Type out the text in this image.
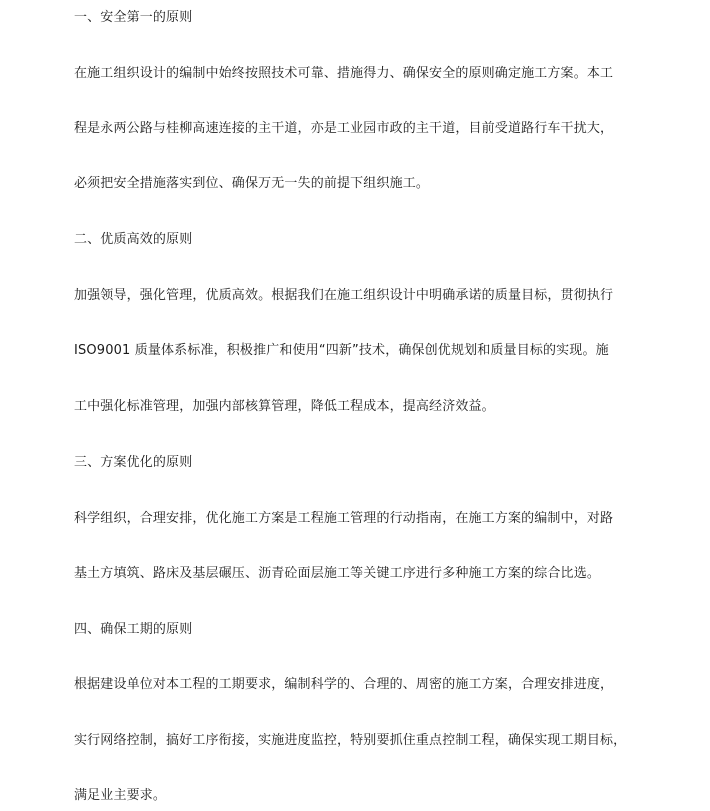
一、安全第一的原则
在施工组织设计的编制中始终按照技术可靠、措施得力、确保安全的原则确定施工方案。本工
程是永两公路与桂柳高速连接的主干道，亦是工业园市政的主干道，目前受道路行车干扰大，
必须把安全措施落实到位、确保万无一失的前提下组织施工。
二、优质高效的原则
加强领导，强化管理，优质高效。根据我们在施工组织设计中明确承诺的质量目标，贯彻执行
ISO9001 质量体系标准，积极推广和使用“四新”技术，确保创优规划和质量目标的实现。施
工中强化标准管理，加强内部核算管理，降低工程成本，提高经济效益。
三、方案优化的原则
科学组织，合理安排，优化施工方案是工程施工管理的行动指南，在施工方案的编制中，对路
基土方填筑、路床及基层碾压、沥青砼面层施工等关键工序进行多种施工方案的综合比选。
四、确保工期的原则
根据建设单位对本工程的工期要求，编制科学的、合理的、周密的施工方案，合理安排进度，
实行网络控制，搞好工序衔接，实施进度监控，特别要抓住重点控制工程，确保实现工期目标，
满足业主要求。
